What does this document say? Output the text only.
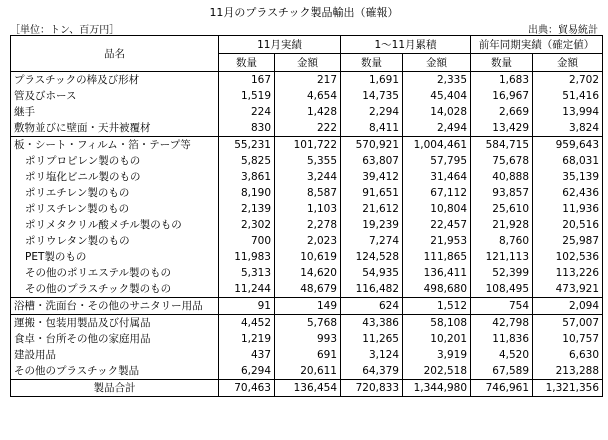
11月のプラスチック製品輸出（確報）
［単位：トン、百万円］	出典：貿易統計
品名	11月実績		1～11月累積		前年同期実績（確定値）	
	数量	金額	数量	金額	数量	金額
プラスチックの棒及び形材	167	217	1,691	2,335	1,683	2,702
管及びホース	1,519	4,654	14,735	45,404	16,967	51,416
継手	224	1,428	2,294	14,028	2,669	13,994
敷物並びに壁面・天井被覆材	830	222	8,411	2,494	13,429	3,824
板・シート・フィルム・箔・テープ等	55,231	101,722	570,921	1,004,461	584,715	959,643
ポリプロピレン製のもの	5,825	5,355	63,807	57,795	75,678	68,031
ポリ塩化ビニル製のもの	3,861	3,244	39,412	31,464	40,888	35,139
ポリエチレン製のもの	8,190	8,587	91,651	67,112	93,857	62,436
ポリスチレン製のもの	2,139	1,103	21,612	10,804	25,610	11,936
ポリメタクリル酸メチル製のもの	2,302	2,278	19,239	22,457	21,928	20,516
ポリウレタン製のもの	700	2,023	7,274	21,953	8,760	25,987
PET製のもの	11,983	10,619	124,528	111,865	121,113	102,536
その他のポリエステル製のもの	5,313	14,620	54,935	136,411	52,399	113,226
その他のプラスチック製のもの	11,244	48,679	116,482	498,680	108,495	473,921
浴槽・洗面台・その他のサニタリー用品	91	149	624	1,512	754	2,094
運搬・包装用製品及び付属品	4,452	5,768	43,386	58,108	42,798	57,007
食卓・台所その他の家庭用品	1,219	993	11,265	10,201	11,836	10,757
建設用品	437	691	3,124	3,919	4,520	6,630
その他のプラスチック製品	6,294	20,611	64,379	202,518	67,589	213,288
製品合計	70,463	136,454	720,833	1,344,980	746,961	1,321,356
